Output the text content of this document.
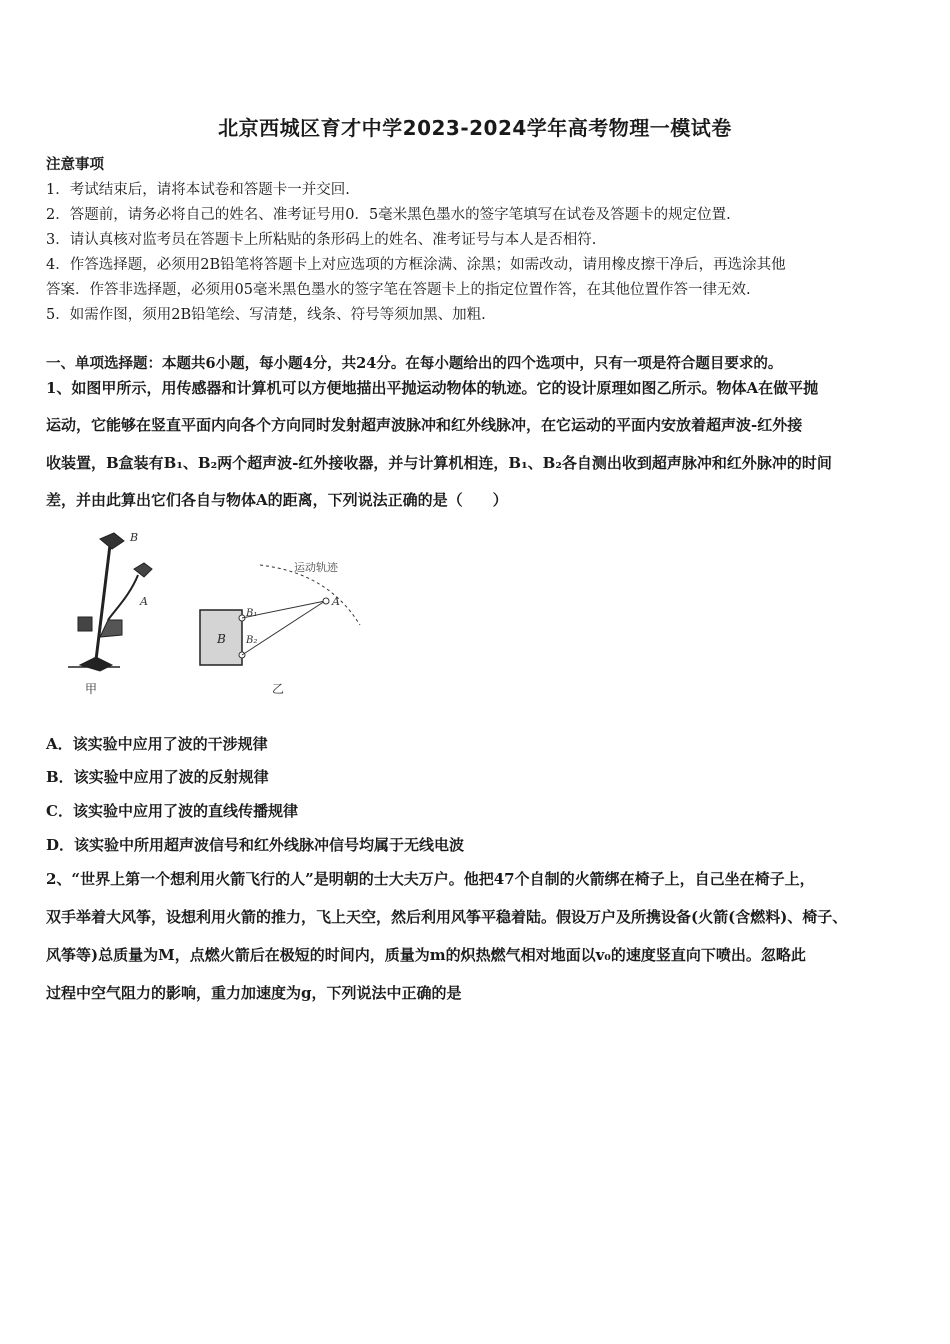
北京西城区育才中学2023-2024学年高考物理一模试卷
注意事项
1．考试结束后，请将本试卷和答题卡一并交回.
2．答题前，请务必将自己的姓名、准考证号用0．5毫米黑色墨水的签字笔填写在试卷及答题卡的规定位置.
3．请认真核对监考员在答题卡上所粘贴的条形码上的姓名、准考证号与本人是否相符.
4．作答选择题，必须用2B铅笔将答题卡上对应选项的方框涂满、涂黑；如需改动，请用橡皮擦干净后，再选涂其他
答案．作答非选择题，必须用05毫米黑色墨水的签字笔在答题卡上的指定位置作答，在其他位置作答一律无效.
5．如需作图，须用2B铅笔绘、写清楚，线条、符号等须加黑、加粗.
一、单项选择题：本题共6小题，每小题4分，共24分。在每小题给出的四个选项中，只有一项是符合题目要求的。
1、如图甲所示，用传感器和计算机可以方便地描出平抛运动物体的轨迹。它的设计原理如图乙所示。物体A在做平抛
运动，它能够在竖直平面内向各个方向同时发射超声波脉冲和红外线脉冲，在它运动的平面内安放着超声波-红外接
收装置，B盒装有B₁、B₂两个超声波-红外接收器，并与计算机相连，B₁、B₂各自测出收到超声脉冲和红外脉冲的时间
差，并由此算出它们各自与物体A的距离，下列说法正确的是（　　）
B
A
甲
运动轨迹
A
B
B₁
B₂
乙
A．该实验中应用了波的干涉规律
B．该实验中应用了波的反射规律
C．该实验中应用了波的直线传播规律
D．该实验中所用超声波信号和红外线脉冲信号均属于无线电波
2、“世界上第一个想利用火箭飞行的人”是明朝的士大夫万户。他把47个自制的火箭绑在椅子上，自己坐在椅子上，
双手举着大风筝，设想利用火箭的推力，飞上天空，然后利用风筝平稳着陆。假设万户及所携设备(火箭(含燃料)、椅子、
风筝等)总质量为M，点燃火箭后在极短的时间内，质量为m的炽热燃气相对地面以v₀的速度竖直向下喷出。忽略此
过程中空气阻力的影响，重力加速度为g，下列说法中正确的是
